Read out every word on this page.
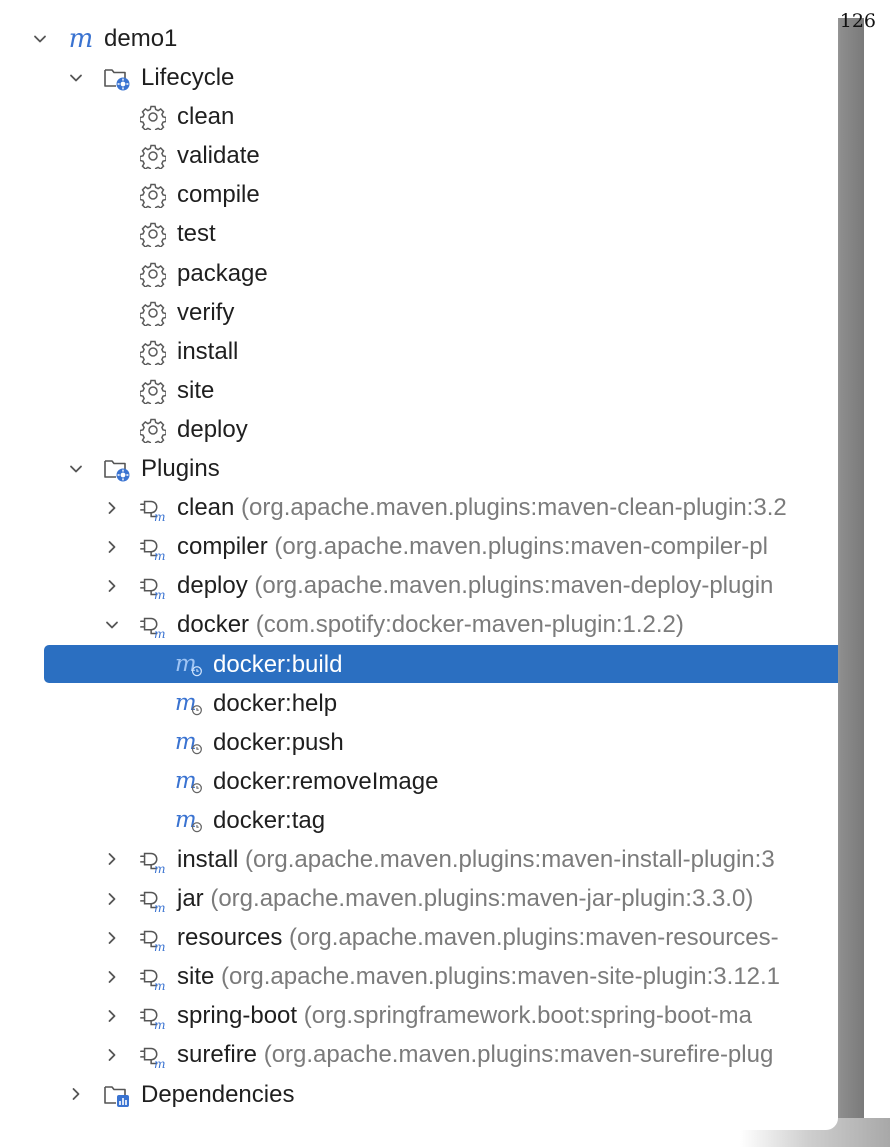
126
m demo1
Lifecycle
clean
validate
compile
test
package
verify
install
site
deploy
Plugins
m clean (org.apache.maven.plugins:maven-clean-plugin:3.2
m compiler (org.apache.maven.plugins:maven-compiler-pl
m deploy (org.apache.maven.plugins:maven-deploy-plugin
m docker (com.spotify:docker-maven-plugin:1.2.2)
m docker:build
m docker:help
m docker:push
m docker:removeImage
m docker:tag
m install (org.apache.maven.plugins:maven-install-plugin:3
m jar (org.apache.maven.plugins:maven-jar-plugin:3.3.0)
m resources (org.apache.maven.plugins:maven-resources-
m site (org.apache.maven.plugins:maven-site-plugin:3.12.1
m spring-boot (org.springframework.boot:spring-boot-ma
m surefire (org.apache.maven.plugins:maven-surefire-plug
Dependencies
